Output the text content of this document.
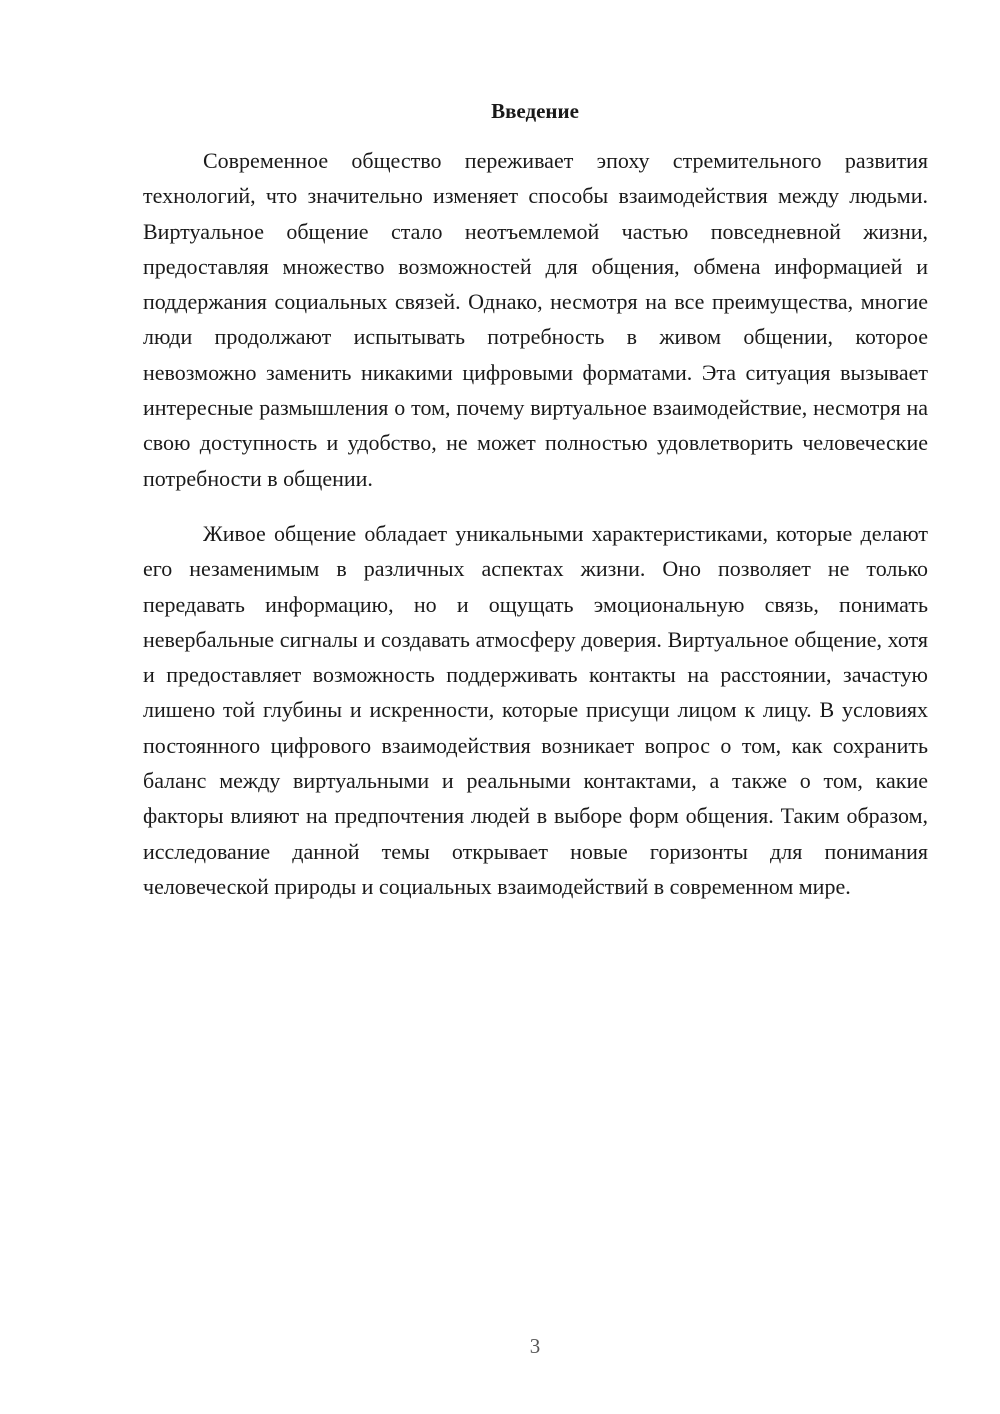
Введение

Современное общество переживает эпоху стремительного развития технологий, что значительно изменяет способы взаимодействия между людьми. Виртуальное общение стало неотъемлемой частью повседневной жизни, предоставляя множество возможностей для общения, обмена информацией и поддержания социальных связей. Однако, несмотря на все преимущества, многие люди продолжают испытывать потребность в живом общении, которое невозможно заменить никакими цифровыми форматами. Эта ситуация вызывает интересные размышления о том, почему виртуальное взаимодействие, несмотря на свою доступность и удобство, не может полностью удовлетворить человеческие потребности в общении.

Живое общение обладает уникальными характеристиками, которые делают его незаменимым в различных аспектах жизни. Оно позволяет не только передавать информацию, но и ощущать эмоциональную связь, понимать невербальные сигналы и создавать атмосферу доверия. Виртуальное общение, хотя и предоставляет возможность поддерживать контакты на расстоянии, зачастую лишено той глубины и искренности, которые присущи лицом к лицу. В условиях постоянного цифрового взаимодействия возникает вопрос о том, как сохранить баланс между виртуальными и реальными контактами, а также о том, какие факторы влияют на предпочтения людей в выборе форм общения. Таким образом, исследование данной темы открывает новые горизонты для понимания человеческой природы и социальных взаимодействий в современном мире.

3
